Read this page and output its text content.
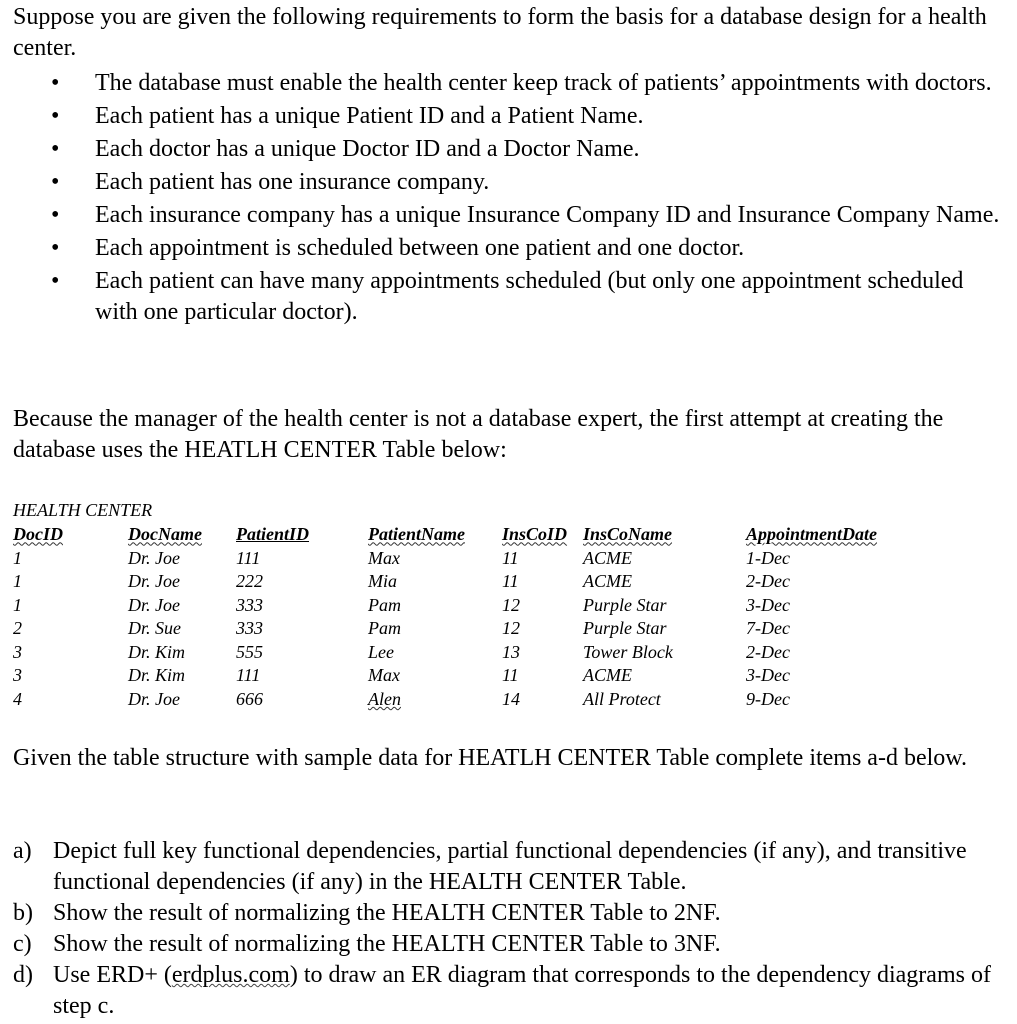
Suppose you are given the following requirements to form the basis for a database design for a health center.

• The database must enable the health center keep track of patients’ appointments with doctors.
• Each patient has a unique Patient ID and a Patient Name.
• Each doctor has a unique Doctor ID and a Doctor Name.
• Each patient has one insurance company.
• Each insurance company has a unique Insurance Company ID and Insurance Company Name.
• Each appointment is scheduled between one patient and one doctor.
• Each patient can have many appointments scheduled (but only one appointment scheduled with one particular doctor).

Because the manager of the health center is not a database expert, the first attempt at creating the database uses the HEATLH CENTER Table below:

HEALTH CENTER
DocID	DocName	PatientID	PatientName	InsCoID	InsCoName	AppointmentDate
1	Dr. Joe	111	Max	11	ACME	1-Dec
1	Dr. Joe	222	Mia	11	ACME	2-Dec
1	Dr. Joe	333	Pam	12	Purple Star	3-Dec
2	Dr. Sue	333	Pam	12	Purple Star	7-Dec
3	Dr. Kim	555	Lee	13	Tower Block	2-Dec
3	Dr. Kim	111	Max	11	ACME	3-Dec
4	Dr. Joe	666	Alen	14	All Protect	9-Dec

Given the table structure with sample data for HEATLH CENTER Table complete items a-d below.

a) Depict full key functional dependencies, partial functional dependencies (if any), and transitive functional dependencies (if any) in the HEALTH CENTER Table.
b) Show the result of normalizing the HEALTH CENTER Table to 2NF.
c) Show the result of normalizing the HEALTH CENTER Table to 3NF.
d) Use ERD+ (erdplus.com) to draw an ER diagram that corresponds to the dependency diagrams of step c.
